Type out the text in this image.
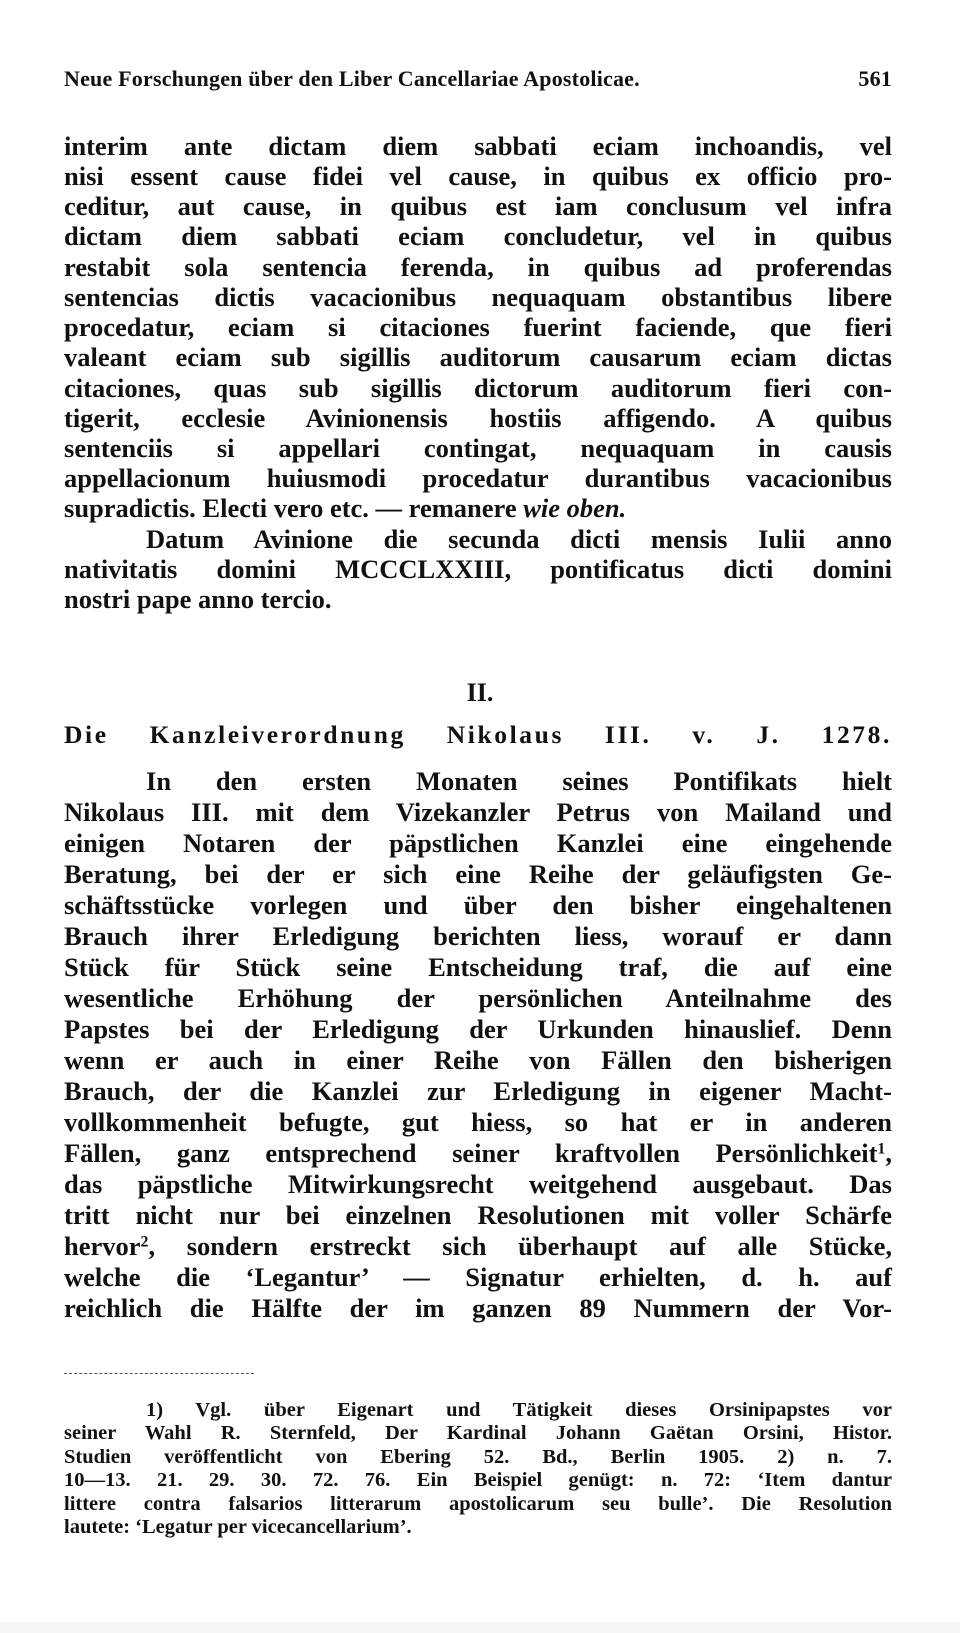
Neue Forschungen über den Liber Cancellariae Apostolicae.	561
interim ante dictam diem sabbati eciam inchoandis, vel
nisi essent cause fidei vel cause, in quibus ex officio pro-
ceditur, aut cause, in quibus est iam conclusum vel infra
dictam diem sabbati eciam concludetur, vel in quibus
restabit sola sentencia ferenda, in quibus ad proferendas
sentencias dictis vacacionibus nequaquam obstantibus libere
procedatur, eciam si citaciones fuerint faciende, que fieri
valeant eciam sub sigillis auditorum causarum eciam dictas
citaciones, quas sub sigillis dictorum auditorum fieri con-
tigerit, ecclesie Avinionensis hostiis affigendo. A quibus
sentenciis si appellari contingat, nequaquam in causis
appellacionum huiusmodi procedatur durantibus vacacionibus
supradictis. Electi vero etc. — remanere wie oben.
Datum Avinione die secunda dicti mensis Iulii anno
nativitatis domini MCCCLXXIII, pontificatus dicti domini
nostri pape anno tercio.
II.
Die Kanzleiverordnung Nikolaus III. v. J. 1278.
In den ersten Monaten seines Pontifikats hielt
Nikolaus III. mit dem Vizekanzler Petrus von Mailand und
einigen Notaren der päpstlichen Kanzlei eine eingehende
Beratung, bei der er sich eine Reihe der geläufigsten Ge-
schäftsstücke vorlegen und über den bisher eingehaltenen
Brauch ihrer Erledigung berichten liess, worauf er dann
Stück für Stück seine Entscheidung traf, die auf eine
wesentliche Erhöhung der persönlichen Anteilnahme des
Papstes bei der Erledigung der Urkunden hinauslief. Denn
wenn er auch in einer Reihe von Fällen den bisherigen
Brauch, der die Kanzlei zur Erledigung in eigener Macht-
vollkommenheit befugte, gut hiess, so hat er in anderen
Fällen, ganz entsprechend seiner kraftvollen Persönlichkeit$^1$,
das päpstliche Mitwirkungsrecht weitgehend ausgebaut. Das
tritt nicht nur bei einzelnen Resolutionen mit voller Schärfe
hervor$^2$, sondern erstreckt sich überhaupt auf alle Stücke,
welche die ‘Legantur’ — Signatur erhielten, d. h. auf
reichlich die Hälfte der im ganzen 89 Nummern der Vor-
1) Vgl. über Eigenart und Tätigkeit dieses Orsinipapstes vor
seiner Wahl R. Sternfeld, Der Kardinal Johann Gaëtan Orsini, Histor.
Studien veröffentlicht von Ebering 52. Bd., Berlin 1905. 2) n. 7.
10—13. 21. 29. 30. 72. 76. Ein Beispiel genügt: n. 72: ‘Item dantur
littere contra falsarios litterarum apostolicarum seu bulle’. Die Resolution
lautete: ‘Legatur per vicecancellarium’.
